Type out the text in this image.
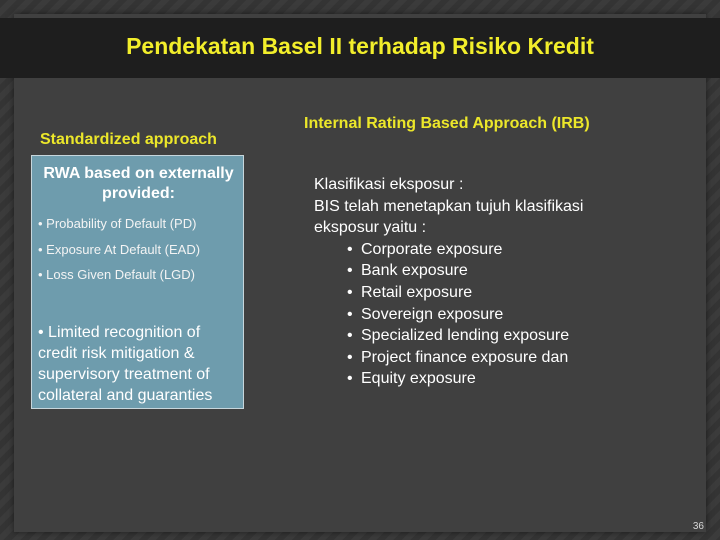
Pendekatan Basel II terhadap Risiko Kredit
Standardized approach
RWA based on externally provided:
• Probability of Default (PD)
• Exposure At Default (EAD)
• Loss Given Default (LGD)
• Limited recognition of credit risk mitigation & supervisory treatment of collateral and guaranties
Internal Rating Based Approach (IRB)
Klasifikasi eksposur :
BIS telah menetapkan tujuh klasifikasi eksposur yaitu :
• Corporate exposure
• Bank exposure
• Retail exposure
• Sovereign exposure
• Specialized lending exposure
• Project finance exposure dan
• Equity exposure
36
